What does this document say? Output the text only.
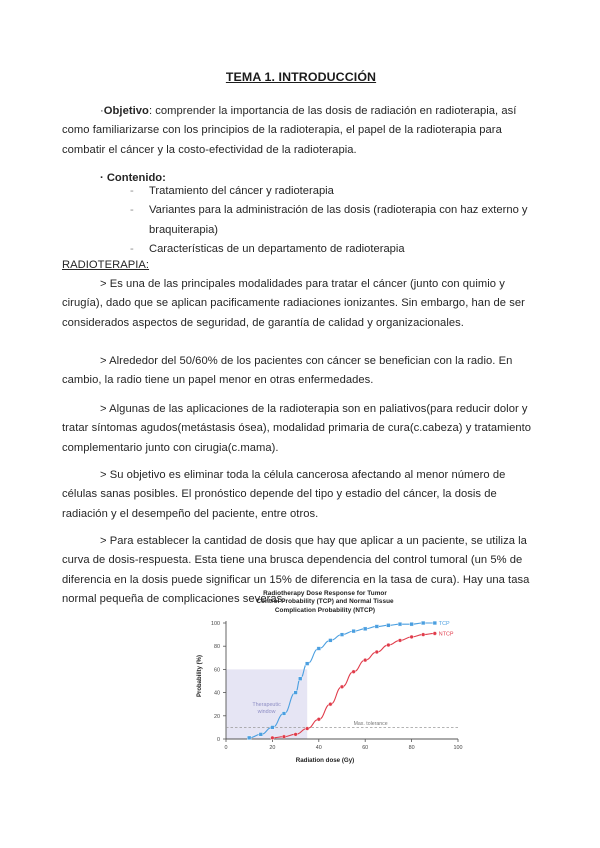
TEMA 1. INTRODUCCIÓN
·Objetivo: comprender la importancia de las dosis de radiación en radioterapia, así como familiarizarse con los principios de la radioterapia, el papel de la radioterapia para combatir el cáncer y la costo-efectividad de la radioterapia.
· Contenido:
- Tratamiento del cáncer y radioterapia
- Variantes para la administración de las dosis (radioterapia con haz externo y braquiterapia)
- Características de un departamento de radioterapia
RADIOTERAPIA:
> Es una de las principales modalidades para tratar el cáncer (junto con quimio y cirugía), dado que se aplican pacificamente radiaciones ionizantes. Sin embargo, han de ser considerados aspectos de seguridad, de garantía de calidad y organizacionales.
> Alrededor del 50/60% de los pacientes con cáncer se benefician con la radio. En cambio, la radio tiene un papel menor en otras enfermedades.
> Algunas de las aplicaciones de la radioterapia son en paliativos(para reducir dolor y tratar síntomas agudos(metástasis ósea), modalidad primaria de cura(c.cabeza) y tratamiento complementario junto con cirugia(c.mama).
> Su objetivo es eliminar toda la célula cancerosa afectando al menor número de células sanas posibles. El pronóstico depende del tipo y estadio del cáncer, la dosis de radiación y el desempeño del paciente, entre otros.
> Para establecer la cantidad de dosis que hay que aplicar a un paciente, se utiliza la curva de dosis-respuesta. Esta tiene una brusca dependencia del control tumoral (un 5% de diferencia en la dosis puede significar un 15% de diferencia en la tasa de cura). Hay una tasa normal pequeña de complicaciones severas.
Radiotherapy Dose Response for Tumor
Control Probability (TCP) and Normal Tissue
Complication Probability (NTCP)
Probability (%)
Therapeutic
window
0	20	40	60	80	100
0
20
40
60
80
100
Max. tolerance
TCP
NTCP
Radiation dose (Gy)
